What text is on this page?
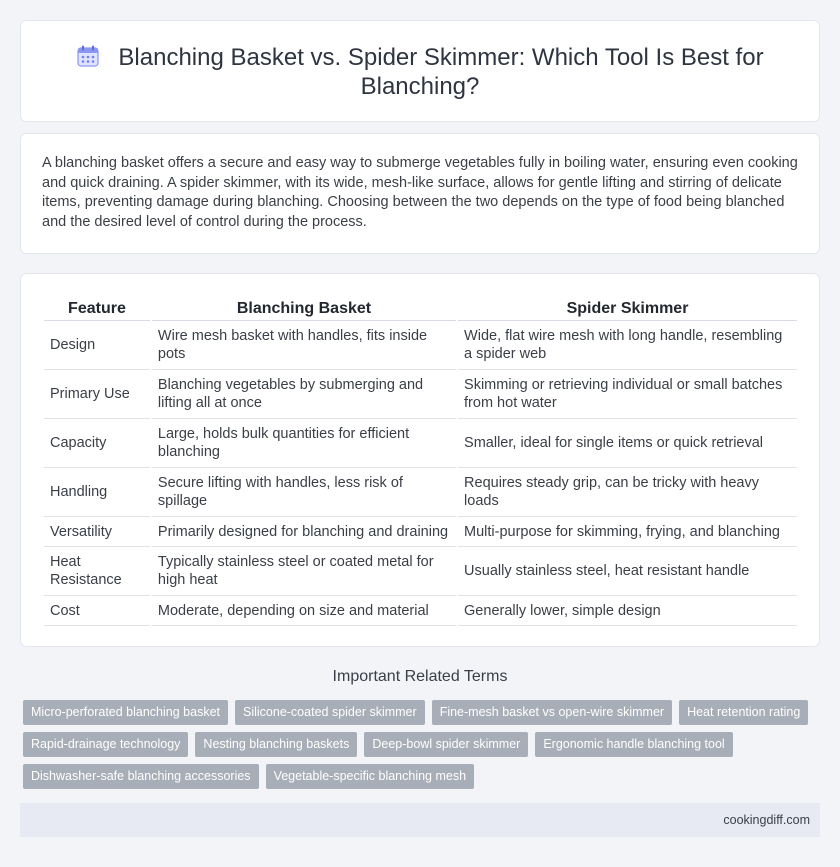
Blanching Basket vs. Spider Skimmer: Which Tool Is Best for Blanching?

A blanching basket offers a secure and easy way to submerge vegetables fully in boiling water, ensuring even cooking and quick draining. A spider skimmer, with its wide, mesh-like surface, allows for gentle lifting and stirring of delicate items, preventing damage during blanching. Choosing between the two depends on the type of food being blanched and the desired level of control during the process.

Feature	Blanching Basket	Spider Skimmer
Design	Wire mesh basket with handles, fits inside pots	Wide, flat wire mesh with long handle, resembling a spider web
Primary Use	Blanching vegetables by submerging and lifting all at once	Skimming or retrieving individual or small batches from hot water
Capacity	Large, holds bulk quantities for efficient blanching	Smaller, ideal for single items or quick retrieval
Handling	Secure lifting with handles, less risk of spillage	Requires steady grip, can be tricky with heavy loads
Versatility	Primarily designed for blanching and draining	Multi-purpose for skimming, frying, and blanching
Heat Resistance	Typically stainless steel or coated metal for high heat	Usually stainless steel, heat resistant handle
Cost	Moderate, depending on size and material	Generally lower, simple design
Important Related Terms
Micro-perforated blanching basket	Silicone-coated spider skimmer	Fine-mesh basket vs open-wire skimmer	Heat retention rating
Rapid-drainage technology	Nesting blanching baskets	Deep-bowl spider skimmer	Ergonomic handle blanching tool
Dishwasher-safe blanching accessories	Vegetable-specific blanching mesh
cookingdiff.com
